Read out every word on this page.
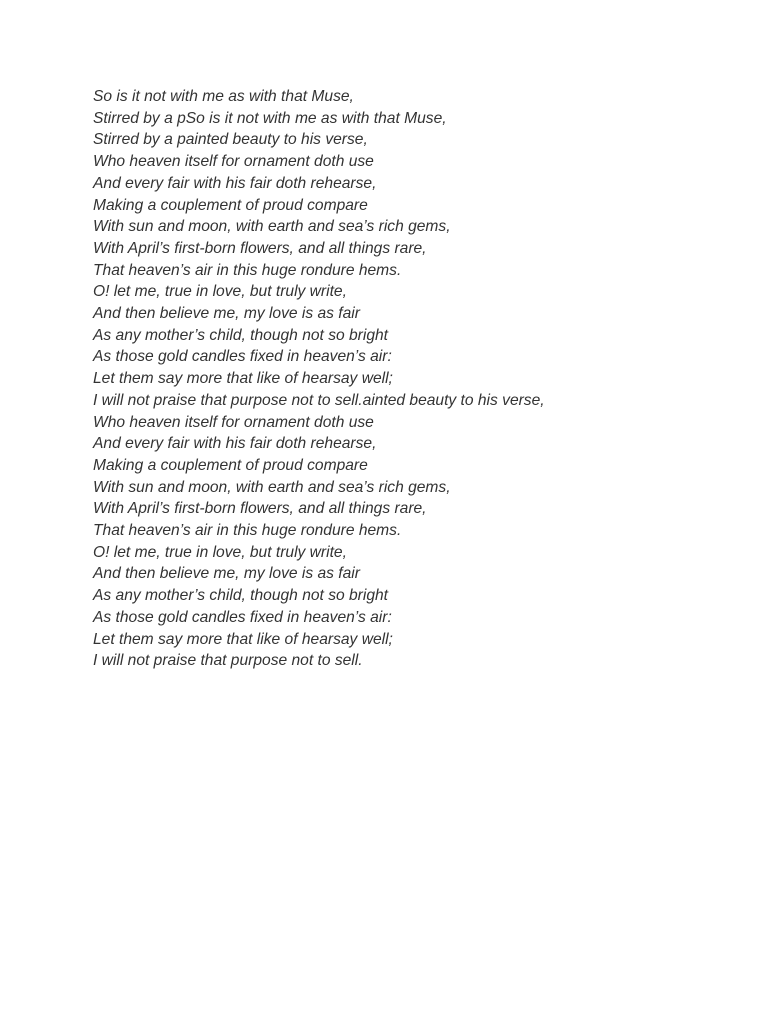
So is it not with me as with that Muse,
Stirred by a pSo is it not with me as with that Muse,
Stirred by a painted beauty to his verse,
Who heaven itself for ornament doth use
And every fair with his fair doth rehearse,
Making a couplement of proud compare
With sun and moon, with earth and sea’s rich gems,
With April’s first-born flowers, and all things rare,
That heaven’s air in this huge rondure hems.
O! let me, true in love, but truly write,
And then believe me, my love is as fair
As any mother’s child, though not so bright
As those gold candles fixed in heaven’s air:
Let them say more that like of hearsay well;
I will not praise that purpose not to sell.ainted beauty to his verse,
Who heaven itself for ornament doth use
And every fair with his fair doth rehearse,
Making a couplement of proud compare
With sun and moon, with earth and sea’s rich gems,
With April’s first-born flowers, and all things rare,
That heaven’s air in this huge rondure hems.
O! let me, true in love, but truly write,
And then believe me, my love is as fair
As any mother’s child, though not so bright
As those gold candles fixed in heaven’s air:
Let them say more that like of hearsay well;
I will not praise that purpose not to sell.
